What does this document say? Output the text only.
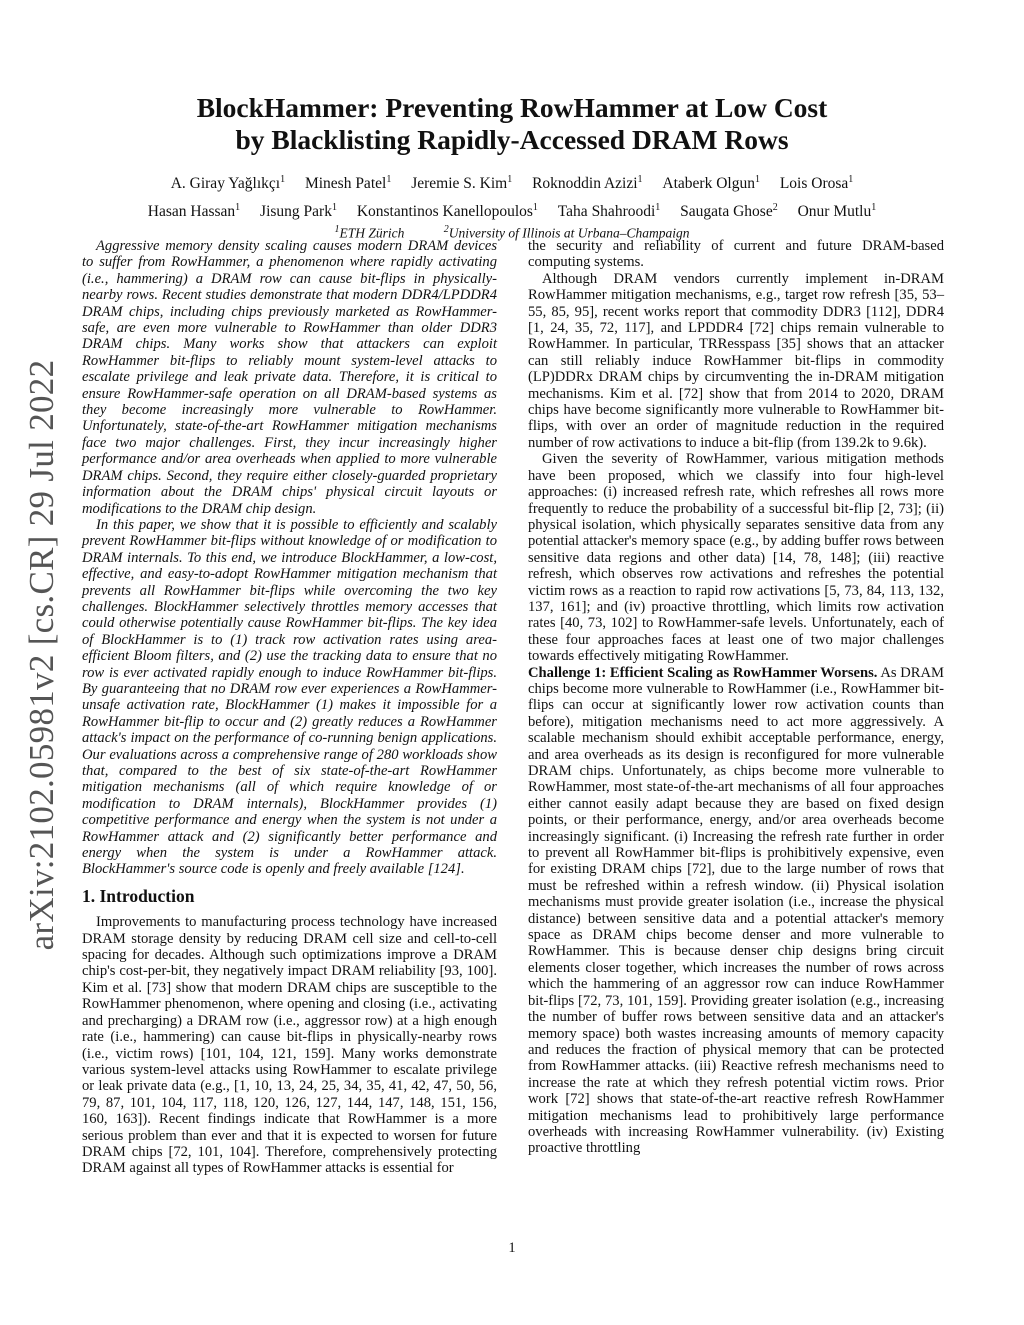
arXiv:2102.05981v2 [cs.CR] 29 Jul 2022
BlockHammer: Preventing RowHammer at Low Cost
by Blacklisting Rapidly-Accessed DRAM Rows
A. Giray Yağlıkçı$^1$ Minesh Patel$^1$ Jeremie S. Kim$^1$ Roknoddin Azizi$^1$ Ataberk Olgun$^1$ Lois Orosa$^1$
Hasan Hassan$^1$ Jisung Park$^1$ Konstantinos Kanellopoulos$^1$ Taha Shahroodi$^1$ Saugata Ghose$^2$ Onur Mutlu$^1$
$^1$ETH Zürich	$^2$University of Illinois at Urbana–Champaign

Aggressive memory density scaling causes modern DRAM devices to suffer from RowHammer, a phenomenon where rapidly activating (i.e., hammering) a DRAM row can cause bit-flips in physically-nearby rows. Recent studies demonstrate that modern DDR4/LPDDR4 DRAM chips, including chips previously marketed as RowHammer-safe, are even more vulnerable to RowHammer than older DDR3 DRAM chips. Many works show that attackers can exploit RowHammer bit-flips to reliably mount system-level attacks to escalate privilege and leak private data. Therefore, it is critical to ensure RowHammer-safe operation on all DRAM-based systems as they become increasingly more vulnerable to RowHammer. Unfortunately, state-of-the-art RowHammer mitigation mechanisms face two major challenges. First, they incur increasingly higher performance and/or area overheads when applied to more vulnerable DRAM chips. Second, they require either closely-guarded proprietary information about the DRAM chips' physical circuit layouts or modifications to the DRAM chip design.

In this paper, we show that it is possible to efficiently and scalably prevent RowHammer bit-flips without knowledge of or modification to DRAM internals. To this end, we introduce BlockHammer, a low-cost, effective, and easy-to-adopt RowHammer mitigation mechanism that prevents all RowHammer bit-flips while overcoming the two key challenges. BlockHammer selectively throttles memory accesses that could otherwise potentially cause RowHammer bit-flips. The key idea of BlockHammer is to (1) track row activation rates using area-efficient Bloom filters, and (2) use the tracking data to ensure that no row is ever activated rapidly enough to induce RowHammer bit-flips. By guaranteeing that no DRAM row ever experiences a RowHammer-unsafe activation rate, BlockHammer (1) makes it impossible for a RowHammer bit-flip to occur and (2) greatly reduces a RowHammer attack's impact on the performance of co-running benign applications. Our evaluations across a comprehensive range of 280 workloads show that, compared to the best of six state-of-the-art RowHammer mitigation mechanisms (all of which require knowledge of or modification to DRAM internals), BlockHammer provides (1) competitive performance and energy when the system is not under a RowHammer attack and (2) significantly better performance and energy when the system is under a RowHammer attack. BlockHammer's source code is openly and freely available [124].

1. Introduction

Improvements to manufacturing process technology have increased DRAM storage density by reducing DRAM cell size and cell-to-cell spacing for decades. Although such optimizations improve a DRAM chip's cost-per-bit, they negatively impact DRAM reliability [93, 100]. Kim et al. [73] show that modern DRAM chips are susceptible to the RowHammer phenomenon, where opening and closing (i.e., activating and precharging) a DRAM row (i.e., aggressor row) at a high enough rate (i.e., hammering) can cause bit-flips in physically-nearby rows (i.e., victim rows) [101, 104, 121, 159]. Many works demonstrate various system-level attacks using RowHammer to escalate privilege or leak private data (e.g., [1, 10, 13, 24, 25, 34, 35, 41, 42, 47, 50, 56, 79, 87, 101, 104, 117, 118, 120, 126, 127, 144, 147, 148, 151, 156, 160, 163]). Recent findings indicate that RowHammer is a more serious problem than ever and that it is expected to worsen for future DRAM chips [72, 101, 104]. Therefore, comprehensively protecting DRAM against all types of RowHammer attacks is essential for

the security and reliability of current and future DRAM-based computing systems.

Although DRAM vendors currently implement in-DRAM RowHammer mitigation mechanisms, e.g., target row refresh [35, 53–55, 85, 95], recent works report that commodity DDR3 [112], DDR4 [1, 24, 35, 72, 117], and LPDDR4 [72] chips remain vulnerable to RowHammer. In particular, TRResspass [35] shows that an attacker can still reliably induce RowHammer bit-flips in commodity (LP)DDRx DRAM chips by circumventing the in-DRAM mitigation mechanisms. Kim et al. [72] show that from 2014 to 2020, DRAM chips have become significantly more vulnerable to RowHammer bit-flips, with over an order of magnitude reduction in the required number of row activations to induce a bit-flip (from 139.2k to 9.6k).

Given the severity of RowHammer, various mitigation methods have been proposed, which we classify into four high-level approaches: (i) increased refresh rate, which refreshes all rows more frequently to reduce the probability of a successful bit-flip [2, 73]; (ii) physical isolation, which physically separates sensitive data from any potential attacker's memory space (e.g., by adding buffer rows between sensitive data regions and other data) [14, 78, 148]; (iii) reactive refresh, which observes row activations and refreshes the potential victim rows as a reaction to rapid row activations [5, 73, 84, 113, 132, 137, 161]; and (iv) proactive throttling, which limits row activation rates [40, 73, 102] to RowHammer-safe levels. Unfortunately, each of these four approaches faces at least one of two major challenges towards effectively mitigating RowHammer.

Challenge 1: Efficient Scaling as RowHammer Worsens. As DRAM chips become more vulnerable to RowHammer (i.e., RowHammer bit-flips can occur at significantly lower row activation counts than before), mitigation mechanisms need to act more aggressively. A scalable mechanism should exhibit acceptable performance, energy, and area overheads as its design is reconfigured for more vulnerable DRAM chips. Unfortunately, as chips become more vulnerable to RowHammer, most state-of-the-art mechanisms of all four approaches either cannot easily adapt because they are based on fixed design points, or their performance, energy, and/or area overheads become increasingly significant. (i) Increasing the refresh rate further in order to prevent all RowHammer bit-flips is prohibitively expensive, even for existing DRAM chips [72], due to the large number of rows that must be refreshed within a refresh window. (ii) Physical isolation mechanisms must provide greater isolation (i.e., increase the physical distance) between sensitive data and a potential attacker's memory space as DRAM chips become denser and more vulnerable to RowHammer. This is because denser chip designs bring circuit elements closer together, which increases the number of rows across which the hammering of an aggressor row can induce RowHammer bit-flips [72, 73, 101, 159]. Providing greater isolation (e.g., increasing the number of buffer rows between sensitive data and an attacker's memory space) both wastes increasing amounts of memory capacity and reduces the fraction of physical memory that can be protected from RowHammer attacks. (iii) Reactive refresh mechanisms need to increase the rate at which they refresh potential victim rows. Prior work [72] shows that state-of-the-art reactive refresh RowHammer mitigation mechanisms lead to prohibitively large performance overheads with increasing RowHammer vulnerability. (iv) Existing proactive throttling

1
